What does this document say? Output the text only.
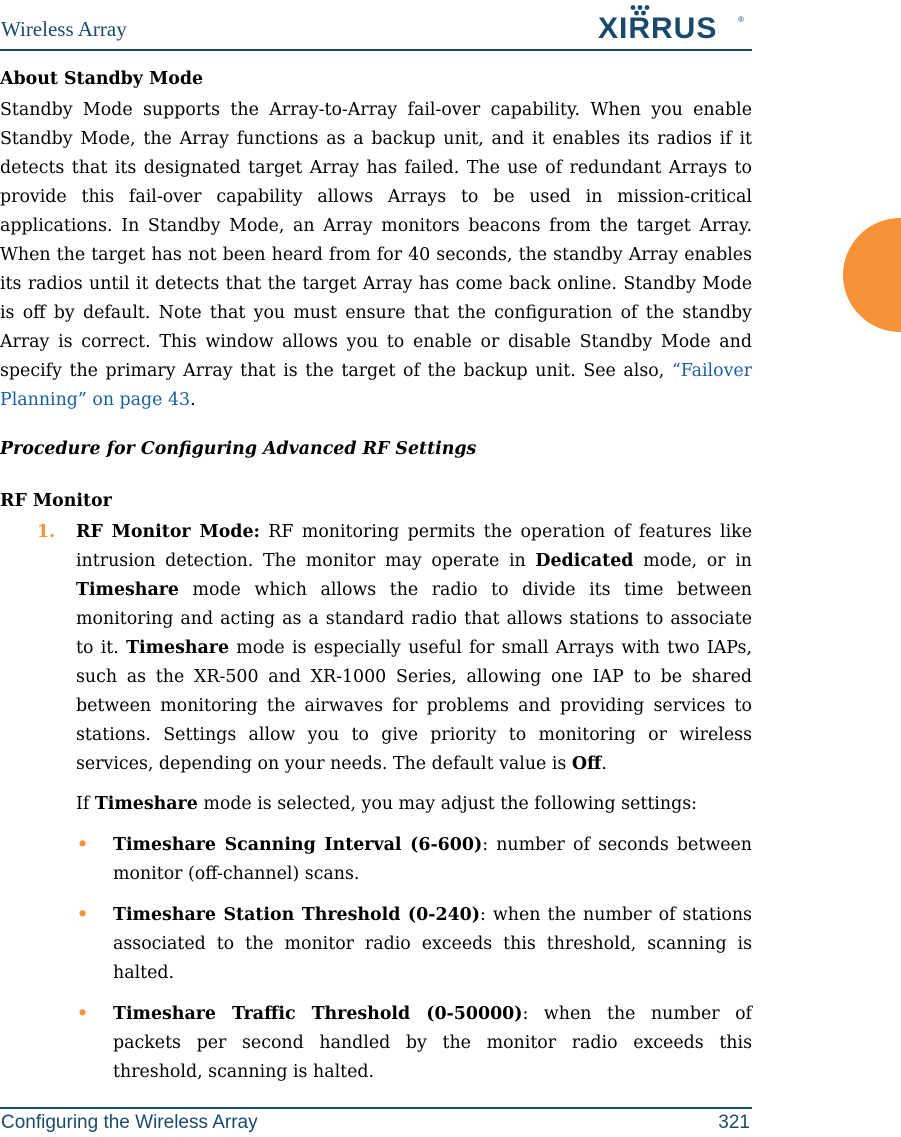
Wireless Array	XIRRUS	®

About Standby Mode

Standby Mode supports the Array-to-Array fail-over capability. When you enable Standby Mode, the Array functions as a backup unit, and it enables its radios if it detects that its designated target Array has failed. The use of redundant Arrays to provide this fail-over capability allows Arrays to be used in mission-critical applications. In Standby Mode, an Array monitors beacons from the target Array. When the target has not been heard from for 40 seconds, the standby Array enables its radios until it detects that the target Array has come back online. Standby Mode is off by default. Note that you must ensure that the configuration of the standby Array is correct. This window allows you to enable or disable Standby Mode and specify the primary Array that is the target of the backup unit. See also, “Failover Planning” on page 43.

Procedure for Configuring Advanced RF Settings

RF Monitor

1. RF Monitor Mode: RF monitoring permits the operation of features like intrusion detection. The monitor may operate in Dedicated mode, or in Timeshare mode which allows the radio to divide its time between monitoring and acting as a standard radio that allows stations to associate to it. Timeshare mode is especially useful for small Arrays with two IAPs, such as the XR-500 and XR-1000 Series, allowing one IAP to be shared between monitoring the airwaves for problems and providing services to stations. Settings allow you to give priority to monitoring or wireless services, depending on your needs. The default value is Off.

If Timeshare mode is selected, you may adjust the following settings:

• Timeshare Scanning Interval (6-600): number of seconds between monitor (off-channel) scans.

• Timeshare Station Threshold (0-240): when the number of stations associated to the monitor radio exceeds this threshold, scanning is halted.

• Timeshare Traffic Threshold (0-50000): when the number of packets per second handled by the monitor radio exceeds this threshold, scanning is halted.

Configuring the Wireless Array	321
